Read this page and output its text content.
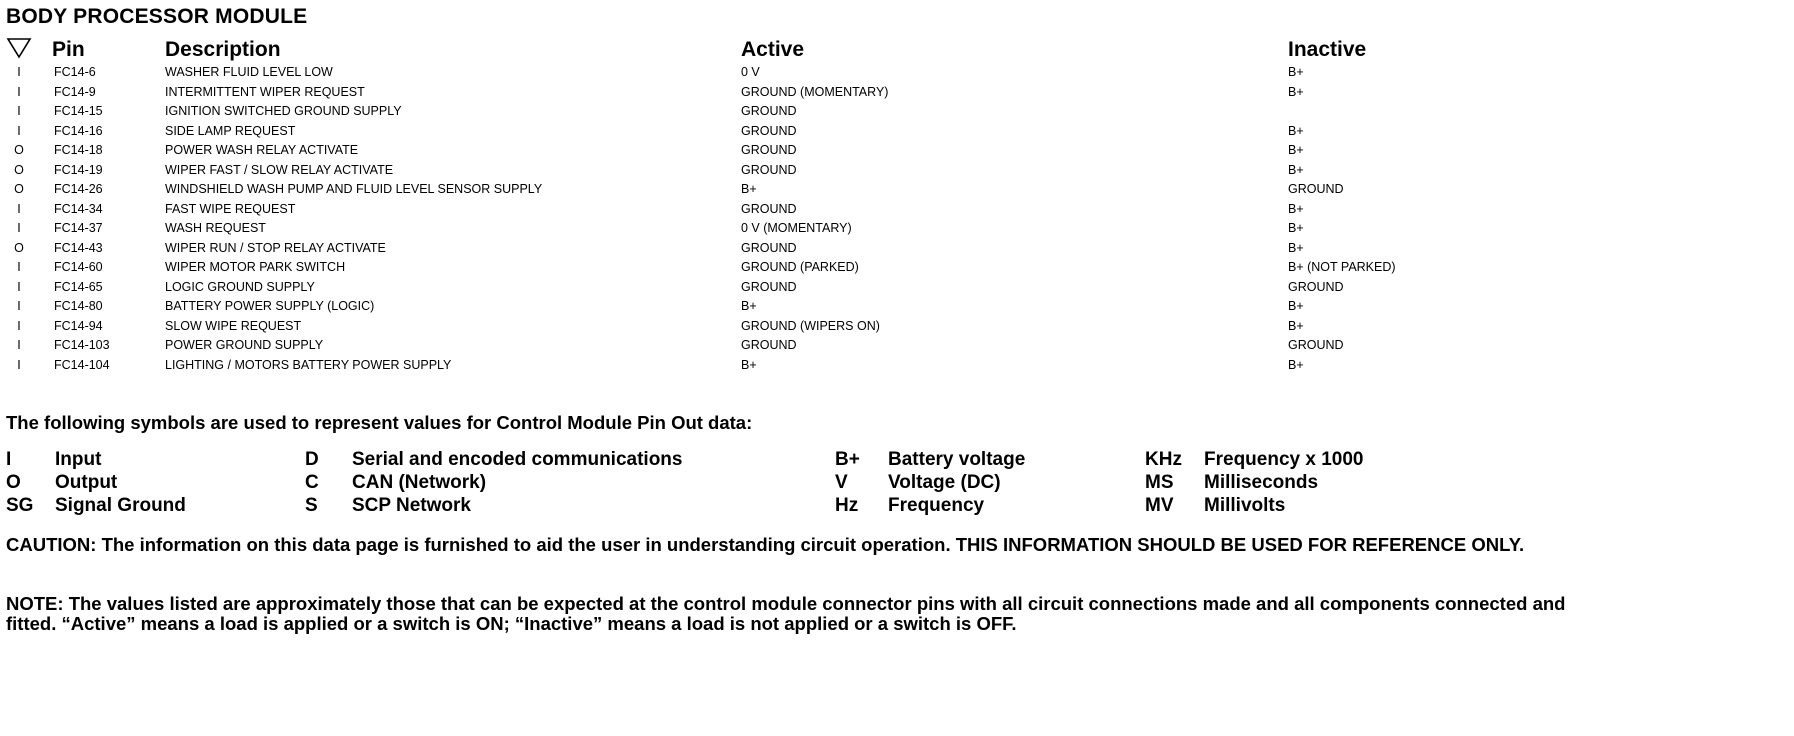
BODY PROCESSOR MODULE
Pin	Description	Active	Inactive
I	FC14-6	WASHER FLUID LEVEL LOW	0 V	B+
I	FC14-9	INTERMITTENT WIPER REQUEST	GROUND (MOMENTARY)	B+
I	FC14-15	IGNITION SWITCHED GROUND SUPPLY	GROUND
I	FC14-16	SIDE LAMP REQUEST	GROUND	B+
O FC14-18	POWER WASH RELAY ACTIVATE	GROUND	B+
O FC14-19	WIPER FAST / SLOW RELAY ACTIVATE	GROUND	B+
O FC14-26	WINDSHIELD WASH PUMP AND FLUID LEVEL SENSOR SUPPLY	B+	GROUND
I	FC14-34	FAST WIPE REQUEST	GROUND	B+
I	FC14-37	WASH REQUEST	0 V (MOMENTARY)	B+
O FC14-43	WIPER RUN / STOP RELAY ACTIVATE	GROUND	B+
I	FC14-60	WIPER MOTOR PARK SWITCH	GROUND (PARKED)	B+ (NOT PARKED)
I	FC14-65	LOGIC GROUND SUPPLY	GROUND	GROUND
I	FC14-80	BATTERY POWER SUPPLY (LOGIC)	B+	B+
I	FC14-94	SLOW WIPE REQUEST	GROUND (WIPERS ON)	B+
I	FC14-103	POWER GROUND SUPPLY	GROUND	GROUND
I	FC14-104	LIGHTING / MOTORS BATTERY POWER SUPPLY	B+	B+
The following symbols are used to represent values for Control Module Pin Out data:
I Input	D Serial and encoded communications	B+ Battery voltage	KHz Frequency x 1000
O Output	C CAN (Network)	V Voltage (DC)	MS Milliseconds
SG Signal Ground	S SCP Network	Hz Frequency	MV Millivolts
CAUTION: The information on this data page is furnished to aid the user in understanding circuit operation. THIS INFORMATION SHOULD BE USED FOR REFERENCE ONLY.
NOTE: The values listed are approximately those that can be expected at the control module connector pins with all circuit connections made and all components connected and fitted. “Active” means a load is applied or a switch is ON; “Inactive” means a load is not applied or a switch is OFF.
